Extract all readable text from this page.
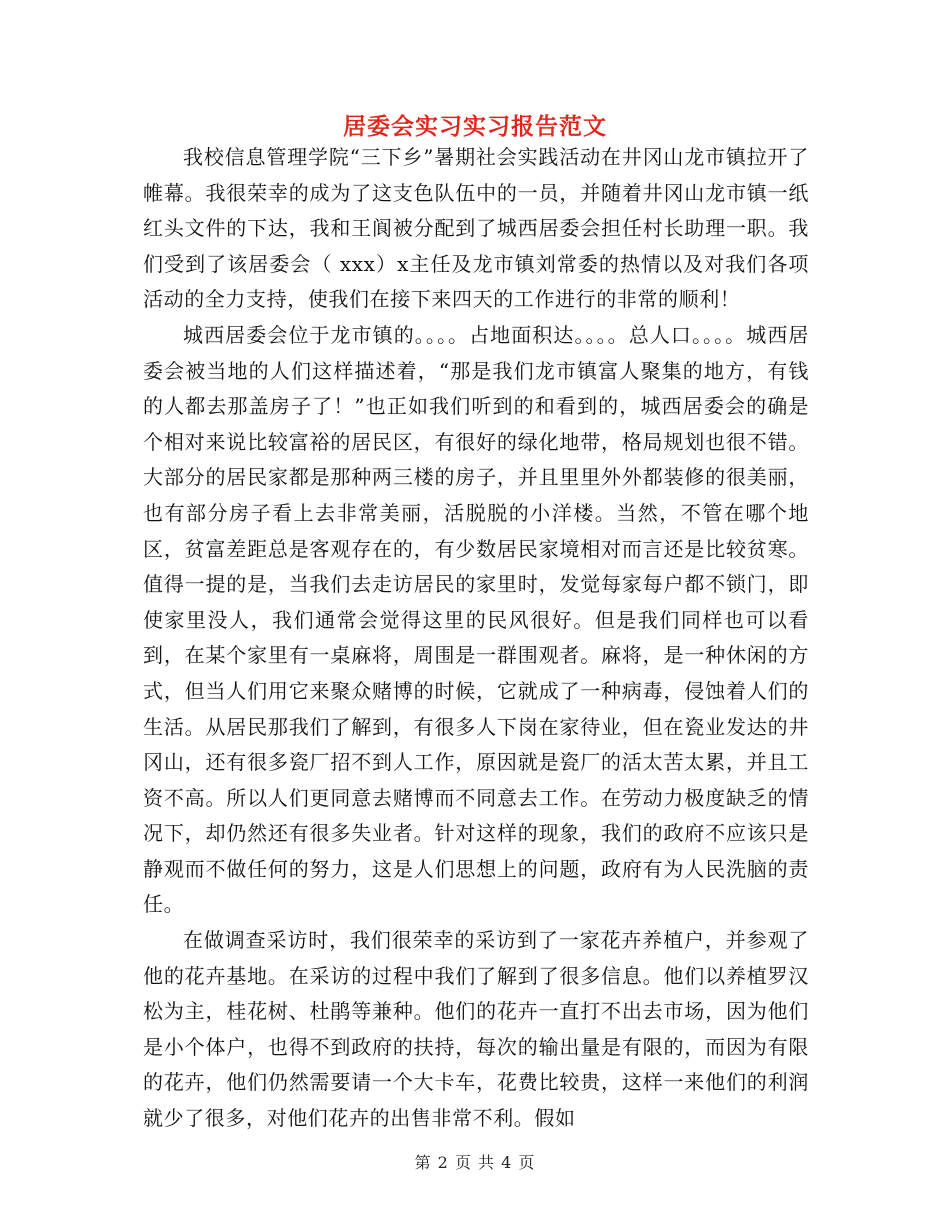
居委会实习实习报告范文

我校信息管理学院“三下乡”暑期社会实践活动在井冈山龙市镇拉开了帷幕。我很荣幸的成为了这支色队伍中的一员，并随着井冈山龙市镇一纸红头文件的下达，我和王阆被分配到了城西居委会担任村长助理一职。我们受到了该居委会（ xxx）x主任及龙市镇刘常委的热情以及对我们各项活动的全力支持，使我们在接下来四天的工作进行的非常的顺利！

城西居委会位于龙市镇的。。。。占地面积达。。。。总人口。。。。城西居委会被当地的人们这样描述着，“那是我们龙市镇富人聚集的地方，有钱的人都去那盖房子了！”也正如我们听到的和看到的，城西居委会的确是个相对来说比较富裕的居民区，有很好的绿化地带，格局规划也很不错。大部分的居民家都是那种两三楼的房子，并且里里外外都装修的很美丽，也有部分房子看上去非常美丽，活脱脱的小洋楼。当然，不管在哪个地区，贫富差距总是客观存在的，有少数居民家境相对而言还是比较贫寒。值得一提的是，当我们去走访居民的家里时，发觉每家每户都不锁门，即使家里没人，我们通常会觉得这里的民风很好。但是我们同样也可以看到，在某个家里有一桌麻将，周围是一群围观者。麻将，是一种休闲的方式，但当人们用它来聚众赌博的时候，它就成了一种病毒，侵蚀着人们的生活。从居民那我们了解到，有很多人下岗在家待业，但在瓷业发达的井冈山，还有很多瓷厂招不到人工作，原因就是瓷厂的活太苦太累，并且工资不高。所以人们更同意去赌博而不同意去工作。在劳动力极度缺乏的情况下，却仍然还有很多失业者。针对这样的现象，我们的政府不应该只是静观而不做任何的努力，这是人们思想上的问题，政府有为人民洗脑的责任。

在做调查采访时，我们很荣幸的采访到了一家花卉养植户，并参观了他的花卉基地。在采访的过程中我们了解到了很多信息。他们以养植罗汉松为主，桂花树、杜鹃等兼种。他们的花卉一直打不出去市场，因为他们是小个体户，也得不到政府的扶持，每次的输出量是有限的，而因为有限的花卉，他们仍然需要请一个大卡车，花费比较贵，这样一来他们的利润就少了很多，对他们花卉的出售非常不利。假如

第 2 页 共 4 页
